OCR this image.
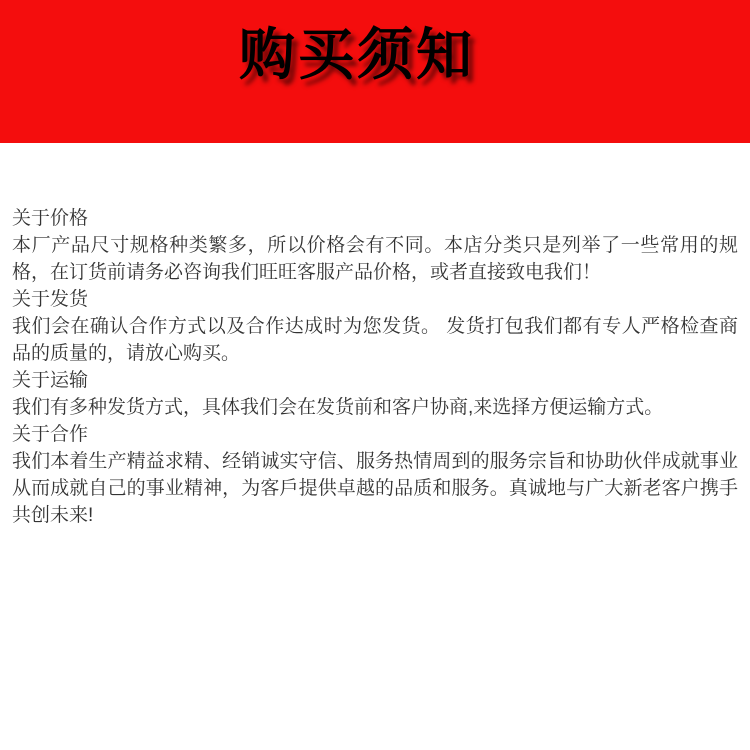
购买须知
关于价格
本厂产品尺寸规格种类繁多，所以价格会有不同。本店分类只是列举了一些常用的规格，在订货前请务必咨询我们旺旺客服产品价格，或者直接致电我们！
关于发货
我们会在确认合作方式以及合作达成时为您发货。 发货打包我们都有专人严格检查商品的质量的，请放心购买。
关于运输
我们有多种发货方式，具体我们会在发货前和客户协商,来选择方便运输方式。
关于合作
我们本着生产精益求精、经销诚实守信、服务热情周到的服务宗旨和协助伙伴成就事业从而成就自己的事业精神，为客戶提供卓越的品质和服务。真诚地与广大新老客户携手共创未来!
